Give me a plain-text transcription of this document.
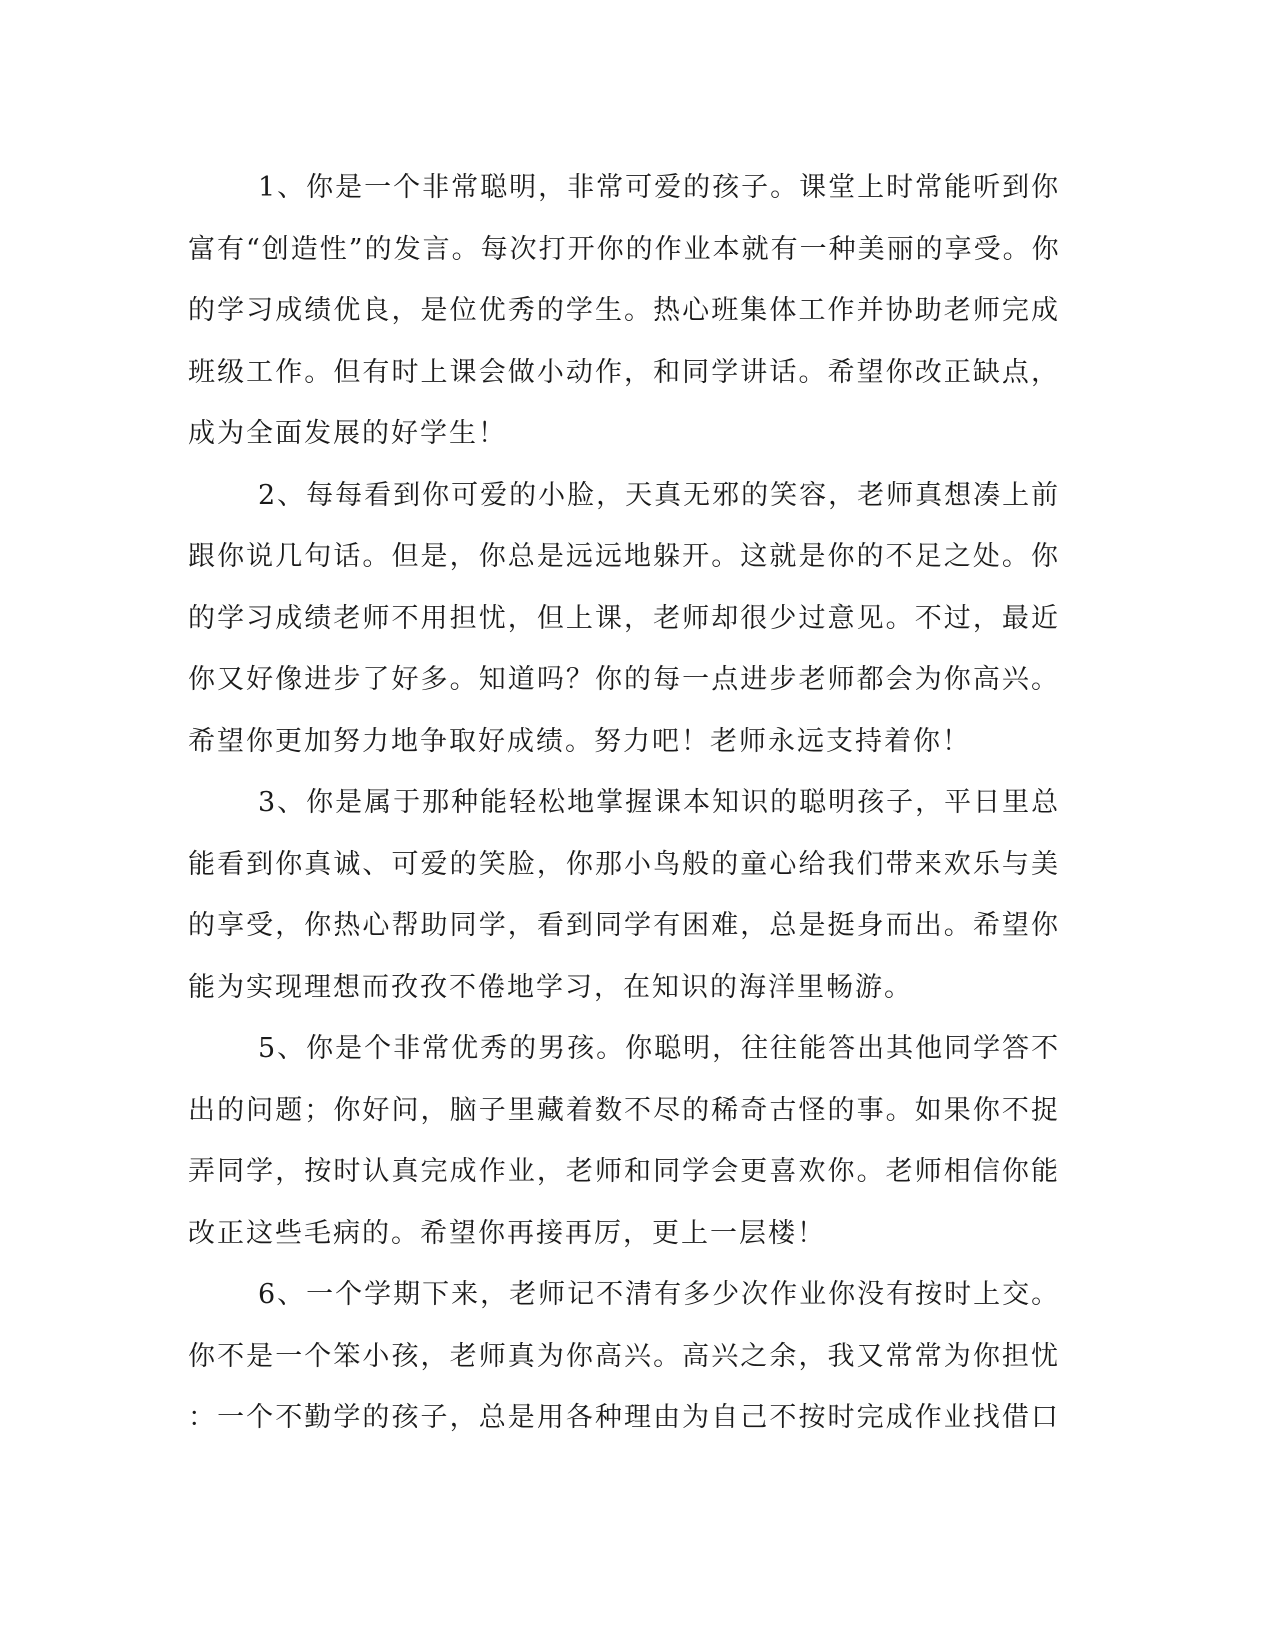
1、你是一个非常聪明，非常可爱的孩子。课堂上时常能听到你
富有“创造性”的发言。每次打开你的作业本就有一种美丽的享受。你
的学习成绩优良，是位优秀的学生。热心班集体工作并协助老师完成
班级工作。但有时上课会做小动作，和同学讲话。希望你改正缺点，
成为全面发展的好学生！
2、每每看到你可爱的小脸，天真无邪的笑容，老师真想凑上前
跟你说几句话。但是，你总是远远地躲开。这就是你的不足之处。你
的学习成绩老师不用担忧，但上课，老师却很少过意见。不过，最近
你又好像进步了好多。知道吗？你的每一点进步老师都会为你高兴。
希望你更加努力地争取好成绩。努力吧！老师永远支持着你！
3、你是属于那种能轻松地掌握课本知识的聪明孩子，平日里总
能看到你真诚、可爱的笑脸，你那小鸟般的童心给我们带来欢乐与美
的享受，你热心帮助同学，看到同学有困难，总是挺身而出。希望你
能为实现理想而孜孜不倦地学习，在知识的海洋里畅游。
5、你是个非常优秀的男孩。你聪明，往往能答出其他同学答不
出的问题；你好问，脑子里藏着数不尽的稀奇古怪的事。如果你不捉
弄同学，按时认真完成作业，老师和同学会更喜欢你。老师相信你能
改正这些毛病的。希望你再接再厉，更上一层楼！
6、一个学期下来，老师记不清有多少次作业你没有按时上交。
你不是一个笨小孩，老师真为你高兴。高兴之余，我又常常为你担忧
：一个不勤学的孩子，总是用各种理由为自己不按时完成作业找借口
